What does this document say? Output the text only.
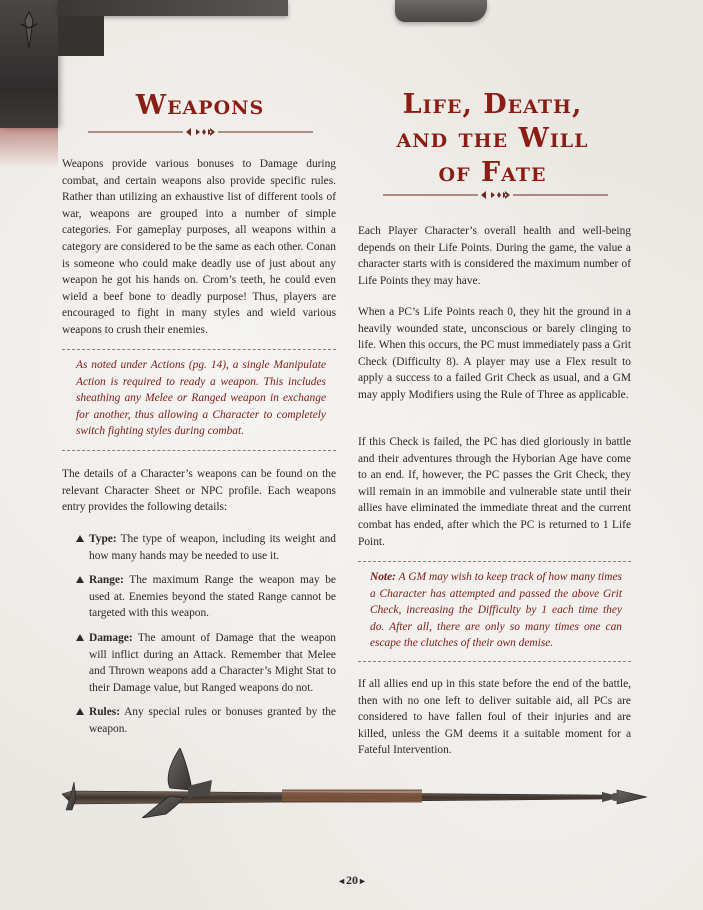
Weapons

Weapons provide various bonuses to Damage during combat, and certain weapons also provide specific rules. Rather than utilizing an exhaustive list of different tools of war, weapons are grouped into a number of simple categories. For gameplay purposes, all weapons within a category are considered to be the same as each other. Conan is someone who could make deadly use of just about any weapon he got his hands on. Crom’s teeth, he could even wield a beef bone to deadly purpose! Thus, players are encouraged to fight in many styles and wield various weapons to crush their enemies.

As noted under Actions (pg. 14), a single Manipulate Action is required to ready a weapon. This includes sheathing any Melee or Ranged weapon in exchange for another, thus allowing a Character to completely switch fighting styles during combat.

The details of a Character’s weapons can be found on the relevant Character Sheet or NPC profile. Each weapons entry provides the following details:

Type: The type of weapon, including its weight and how many hands may be needed to use it.
Range: The maximum Range the weapon may be used at. Enemies beyond the stated Range cannot be targeted with this weapon.
Damage: The amount of Damage that the weapon will inflict during an Attack. Remember that Melee and Thrown weapons add a Character’s Might Stat to their Damage value, but Ranged weapons do not.
Rules: Any special rules or bonuses granted by the weapon.
Life, Death,
and the Will
of Fate

Each Player Character’s overall health and well-being depends on their Life Points. During the game, the value a character starts with is considered the maximum number of Life Points they may have.

When a PC’s Life Points reach 0, they hit the ground in a heavily wounded state, unconscious or barely clinging to life. When this occurs, the PC must immediately pass a Grit Check (Difficulty 8). A player may use a Flex result to apply a success to a failed Grit Check as usual, and a GM may apply Modifiers using the Rule of Three as applicable.

If this Check is failed, the PC has died gloriously in battle and their adventures through the Hyborian Age have come to an end. If, however, the PC passes the Grit Check, they will remain in an immobile and vulnerable state until their allies have eliminated the immediate threat and the current combat has ended, after which the PC is returned to 1 Life Point.

Note: A GM may wish to keep track of how many times a Character has attempted and passed the above Grit Check, increasing the Difficulty by 1 each time they do. After all, there are only so many times one can escape the clutches of their own demise.

If all allies end up in this state before the end of the battle, then with no one left to deliver suitable aid, all PCs are considered to have fallen foul of their injuries and are killed, unless the GM deems it a suitable moment for a Fateful Intervention.

◄20►
